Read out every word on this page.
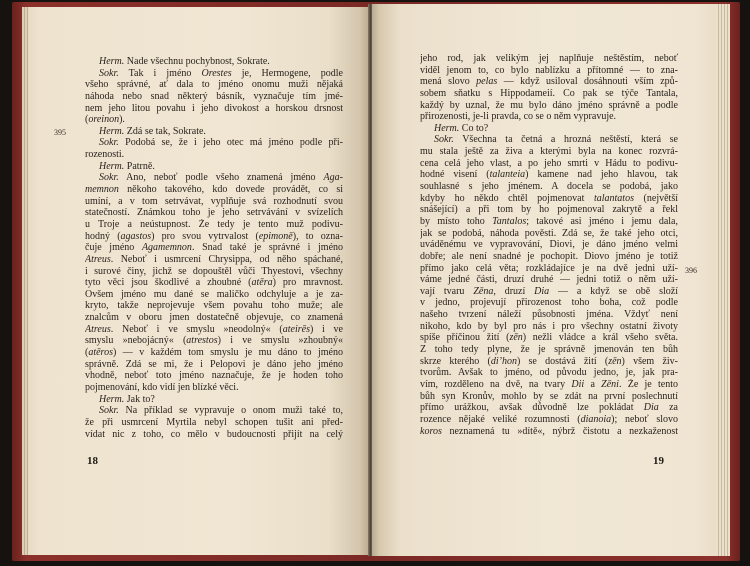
395
Herm. Nade všechnu pochybnost, Sokrate.
Sokr. Tak i jméno Orestes je, Hermogene, podle
všeho správné, ať dala to jméno onomu muži nějaká
náhoda nebo snad některý básník, vyznačuje tím jmé-
nem jeho litou povahu i jeho divokost a horskou drsnost
(oreinon).
Herm. Zdá se tak, Sokrate.
Sokr. Podobá se, že i jeho otec má jméno podle při-
rozenosti.
Herm. Patrně.
Sokr. Ano, neboť podle všeho znamená jméno Aga-
memnon někoho takového, kdo dovede provádět, co si
umíní, a v tom setrvávat, vyplňuje svá rozhodnutí svou
statečností. Známkou toho je jeho setrvávání v svízelích
u Troje a neústupnost. Že tedy je tento muž podivu-
hodný (agastos) pro svou vytrvalost (epimonē), to ozna-
čuje jméno Agamemnon. Snad také je správné i jméno
Atreus. Neboť i usmrcení Chrysippa, od něho spáchané,
i surové činy, jichž se dopouštěl vůči Thyestovi, všechny
tyto věci jsou škodlivé a zhoubné (atēra) pro mravnost.
Ovšem jméno mu dané se maličko odchyluje a je za-
kryto, takže neprojevuje všem povahu toho muže; ale
znalcům v oboru jmen dostatečně objevuje, co znamená
Atreus. Neboť i ve smyslu »neodolný« (ateirēs) i ve
smyslu »nebojácný« (atrestos) i ve smyslu »zhoubný«
(atēros) — v každém tom smyslu je mu dáno to jméno
správně. Zdá se mi, že i Pelopovi je dáno jeho jméno
vhodně, neboť toto jméno naznačuje, že je hoden toho
pojmenování, kdo vidí jen blízké věci.
Herm. Jak to?
Sokr. Na příklad se vypravuje o onom muži také to,
že při usmrcení Myrtila nebyl schopen tušit ani před-
vídat nic z toho, co mělo v budoucnosti přijít na celý
18
396
jeho rod, jak velikým jej naplňuje neštěstím, neboť
viděl jenom to, co bylo nablízku a přítomné — to zna-
mená slovo pelas — když usiloval dosáhnouti vším způ-
sobem sňatku s Hippodameií. Co pak se týče Tantala,
každý by uznal, že mu bylo dáno jméno správně a podle
přirozenosti, je-li pravda, co se o něm vypravuje.
Herm. Co to?
Sokr. Všechna ta četná a hrozná neštěstí, která se
mu stala ještě za živa a kterými byla na konec rozvrá-
cena celá jeho vlast, a po jeho smrti v Hádu to podivu-
hodné visení (talanteia) kamene nad jeho hlavou, tak
souhlasné s jeho jménem. A docela se podobá, jako
kdyby ho někdo chtěl pojmenovat talantatos (největší
snášející) a při tom by ho pojmenoval zakrytě a řekl
by místo toho Tantalos; takové asi jméno i jemu dala,
jak se podobá, náhoda pověsti. Zdá se, že také jeho otci,
uváděnému ve vypravování, Diovi, je dáno jméno velmi
dobře; ale není snadné je pochopit. Diovo jméno je totiž
přímo jako celá věta; rozkládajíce je na dvě jedni uží-
váme jedné části, druzí druhé — jedni totiž o něm uží-
vají tvaru Zēna, druzí Dia — a když se obě složí
v jedno, projevují přirozenost toho boha, což podle
našeho tvrzení náleží působnosti jména. Vždyť není
nikoho, kdo by byl pro nás i pro všechny ostatní životy
spíše příčinou žití (zēn) nežli vládce a král všeho světa.
Z toho tedy plyne, že je správně jmenován ten bůh
skrze kterého (di’hon) se dostává žití (zēn) všem živ-
tvorům. Avšak to jméno, od původu jedno, je, jak pra-
vím, rozděleno na dvě, na tvary Dii a Zēni. Že je tento
bůh syn Kronův, mohlo by se zdát na první poslechnutí
přímo urážkou, avšak důvodně lze pokládat Dia za
rozence nějaké veliké rozumnosti (dianoia); neboť slovo
koros neznamená tu »dítě«, nýbrž čistotu a nezkaženost
19
